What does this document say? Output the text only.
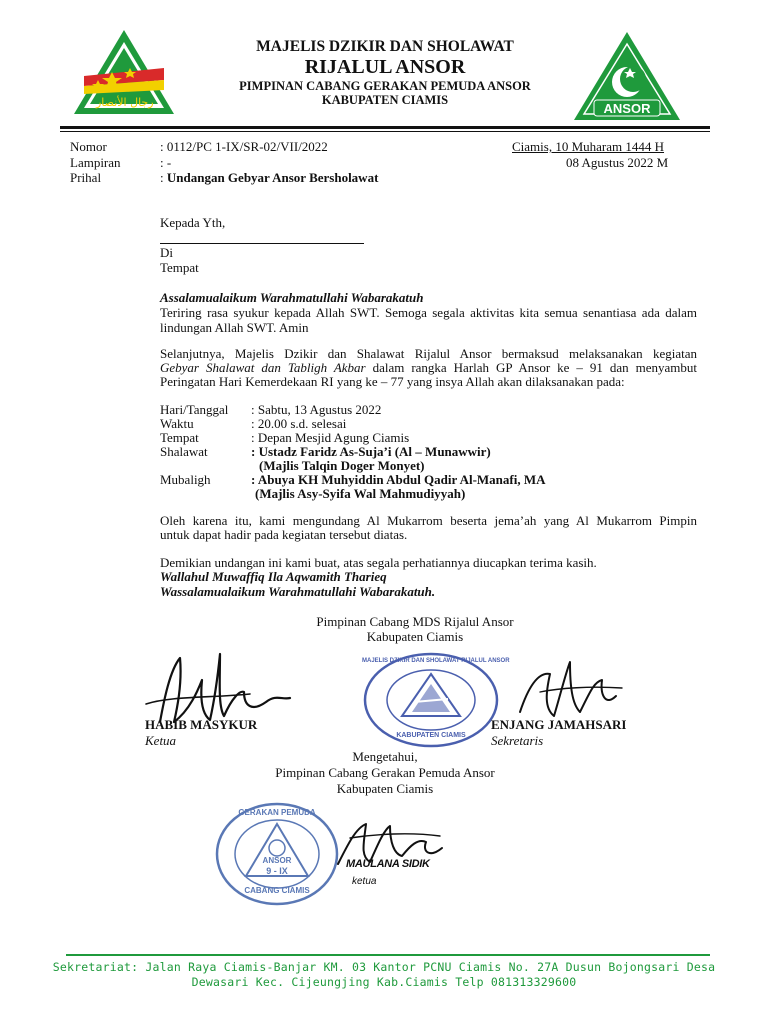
رجال الأنصار	ANSOR
MAJELIS DZIKIR DAN SHOLAWAT
RIJALUL ANSOR
PIMPINAN CABANG GERAKAN PEMUDA ANSOR
KABUPATEN CIAMIS
Nomor	: 0112/PC 1-IX/SR-02/VII/2022
Lampiran	: -
Prihal	: Undangan Gebyar Ansor Bersholawat
Ciamis, 10 Muharam 1444 H
08 Agustus 2022 M
Kepada Yth,
Di
Tempat
Assalamualaikum Warahmatullahi Wabarakatuh
Teriring rasa syukur kepada Allah SWT. Semoga segala aktivitas kita semua senantiasa ada dalam
lindungan Allah SWT. Amin
Selanjutnya, Majelis Dzikir dan Shalawat Rijalul Ansor bermaksud melaksanakan kegiatan
Gebyar Shalawat dan Tabligh Akbar dalam rangka Harlah GP Ansor ke – 91 dan menyambut
Peringatan Hari Kemerdekaan RI yang ke – 77 yang insya Allah akan dilaksanakan pada:
Hari/Tanggal : Sabtu, 13 Agustus 2022
Waktu	: 20.00 s.d. selesai
Tempat	: Depan Mesjid Agung Ciamis
Shalawat	: Ustadz Faridz As-Suja’i (Al – Munawwir)
(Majlis Talqin Doger Monyet)
Mubaligh	: Abuya KH Muhyiddin Abdul Qadir Al-Manafi, MA
(Majlis Asy-Syifa Wal Mahmudiyyah)
Oleh karena itu, kami mengundang Al Mukarrom beserta jema’ah yang Al Mukarrom Pimpin
untuk dapat hadir pada kegiatan tersebut diatas.
Demikian undangan ini kami buat, atas segala perhatiannya diucapkan terima kasih.
Wallahul Muwaffiq Ila Aqwamith Tharieq
Wassalamualaikum Warahmatullahi Wabarakatuh.
Pimpinan Cabang MDS Rijalul Ansor
Kabupaten Ciamis
MAJELIS DZIKIR DAN SHOLAWAT RIJALUL ANSOR
KABUPATEN CIAMIS
HABIB MASYKUR
Ketua
ENJANG JAMAHSARI
Sekretaris
Mengetahui,
Pimpinan Cabang Gerakan Pemuda Ansor
Kabupaten Ciamis
GERAKAN PEMUDA
ANSOR
9 - IX
CABANG CIAMIS
MAULANA SIDIK
ketua
Sekretariat: Jalan Raya Ciamis-Banjar KM. 03 Kantor PCNU Ciamis No. 27A Dusun Bojongsari Desa
Dewasari Kec. Cijeungjing Kab.Ciamis Telp 081313329600
